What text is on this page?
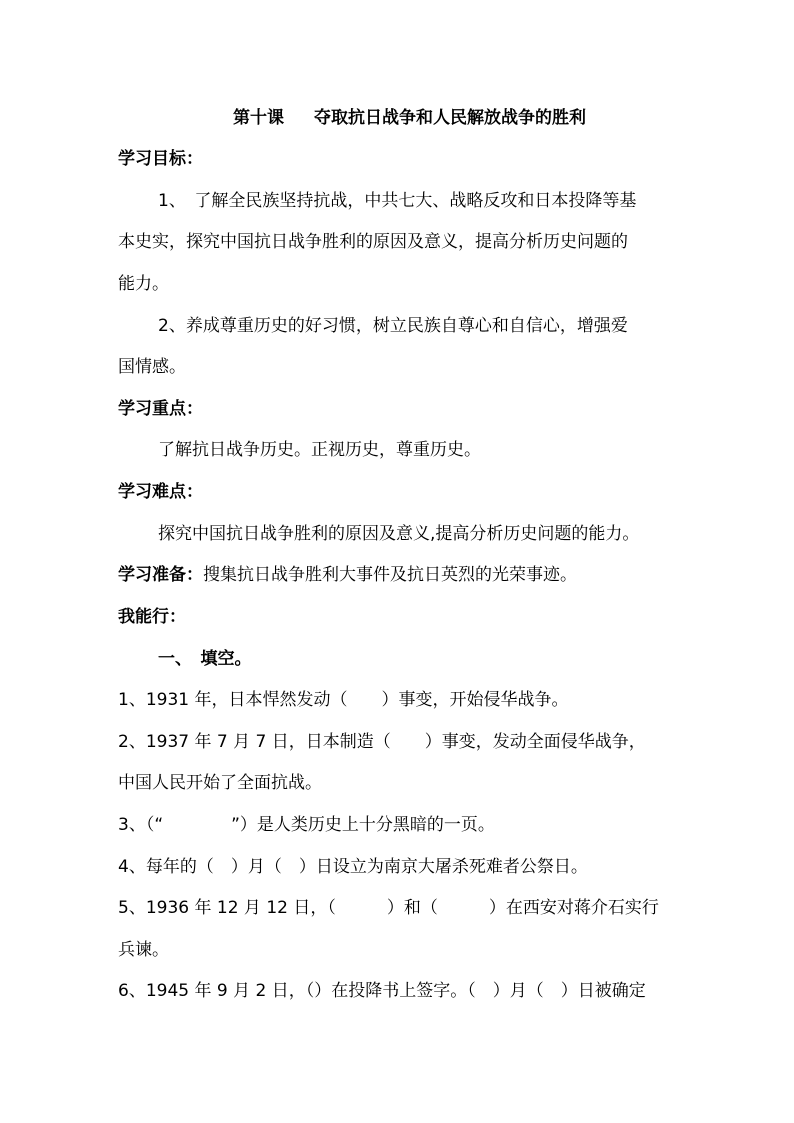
第十课 夺取抗日战争和人民解放战争的胜利
学习目标：
1、　了解全民族坚持抗战，中共七大、战略反攻和日本投降等基
本史实，探究中国抗日战争胜利的原因及意义，提高分析历史问题的
能力。
2、养成尊重历史的好习惯，树立民族自尊心和自信心，增强爱
国情感。
学习重点：
了解抗日战争历史。正视历史，尊重历史。
学习难点：
探究中国抗日战争胜利的原因及意义,提高分析历史问题的能力。
学习准备：搜集抗日战争胜利大事件及抗日英烈的光荣事迹。
我能行：
一、　填空。
1、1931 年，日本悍然发动（　　）事变，开始侵华战争。
2、1937 年 7 月 7 日，日本制造（　　）事变，发动全面侵华战争，
中国人民开始了全面抗战。
3、（“　　　　”）是人类历史上十分黑暗的一页。
4、每年的（　）月（　）日设立为南京大屠杀死难者公祭日。
5、1936 年 12 月 12 日，（　　　）和（　　　）在西安对蒋介石实行
兵谏。
6、1945 年 9 月 2 日，（）在投降书上签字。（　）月（　）日被确定
